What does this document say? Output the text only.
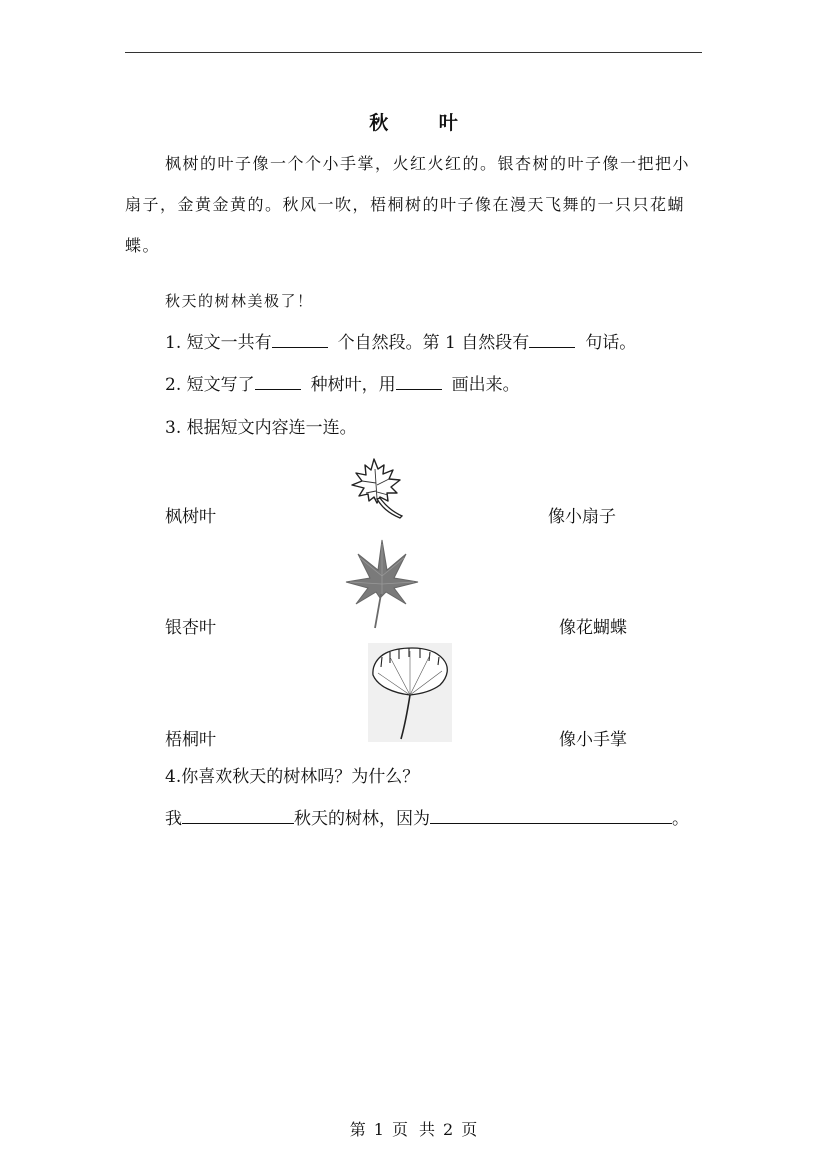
秋 叶
枫树的叶子像一个个小手掌，火红火红的。银杏树的叶子像一把把小扇子，金黄金黄的。秋风一吹，梧桐树的叶子像在漫天飞舞的一只只花蝴蝶。
秋天的树林美极了！
1. 短文一共有	个自然段。第 1 自然段有	句话。
2. 短文写了	种树叶，用	画出来。
3. 根据短文内容连一连。
枫树叶
银杏叶
梧桐叶
像小扇子
像花蝴蝶
像小手掌
4.你喜欢秋天的树林吗？为什么？
我	秋天的树林，因为	。
第 1 页 共 2 页
